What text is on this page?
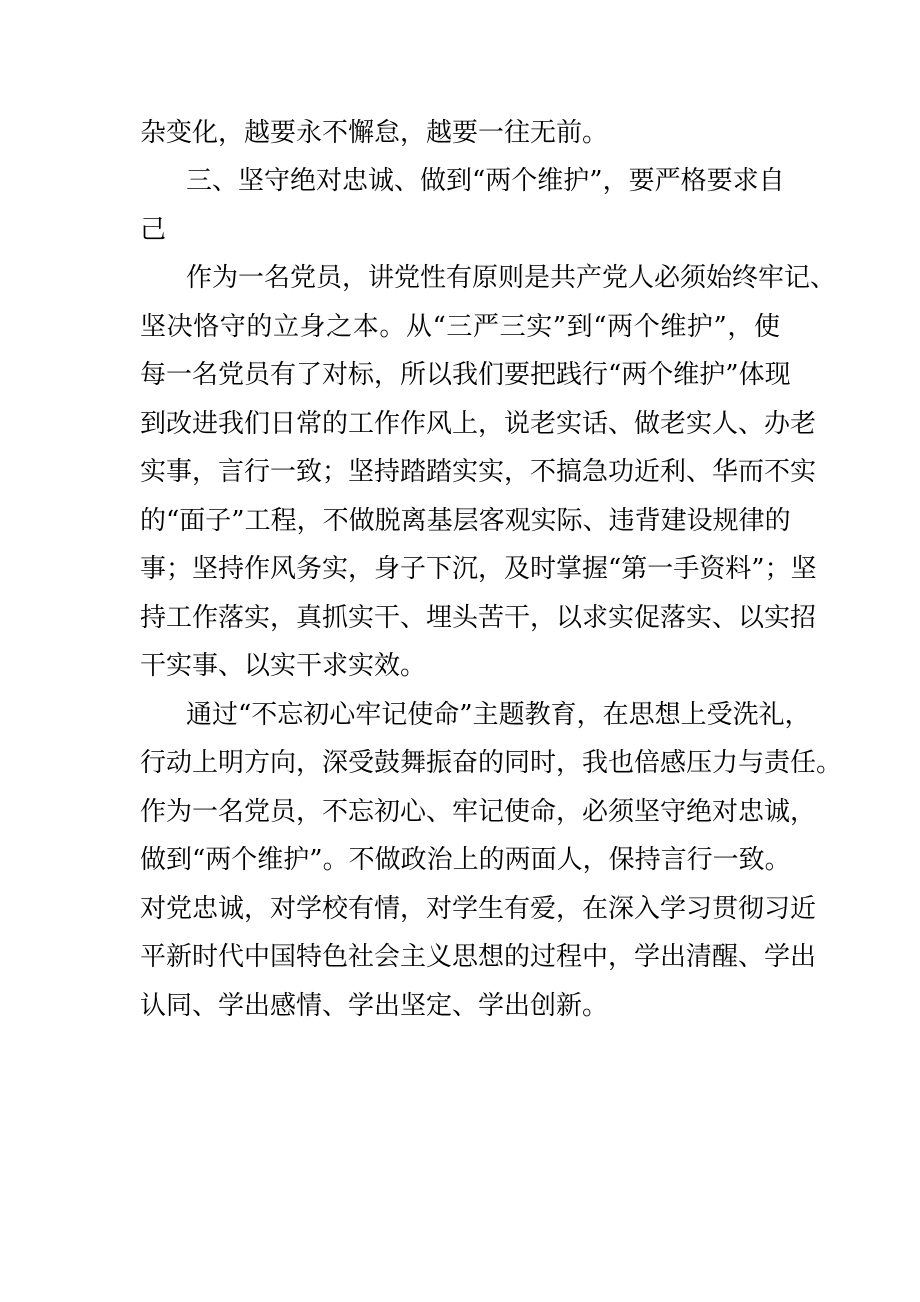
杂变化，越要永不懈怠，越要一往无前。
三、坚守绝对忠诚、做到“两个维护”，要严格要求自
己
作为一名党员，讲党性有原则是共产党人必须始终牢记、
坚决恪守的立身之本。从“三严三实”到“两个维护”，使
每一名党员有了对标，所以我们要把践行“两个维护”体现
到改进我们日常的工作作风上，说老实话、做老实人、办老
实事，言行一致；坚持踏踏实实，不搞急功近利、华而不实
的“面子”工程，不做脱离基层客观实际、违背建设规律的
事；坚持作风务实，身子下沉，及时掌握“第一手资料”；坚
持工作落实，真抓实干、埋头苦干，以求实促落实、以实招
干实事、以实干求实效。
通过“不忘初心牢记使命”主题教育，在思想上受洗礼，
行动上明方向，深受鼓舞振奋的同时，我也倍感压力与责任。
作为一名党员，不忘初心、牢记使命，必须坚守绝对忠诚，
做到“两个维护”。不做政治上的两面人，保持言行一致。
对党忠诚，对学校有情，对学生有爱，在深入学习贯彻习近
平新时代中国特色社会主义思想的过程中，学出清醒、学出
认同、学出感情、学出坚定、学出创新。
